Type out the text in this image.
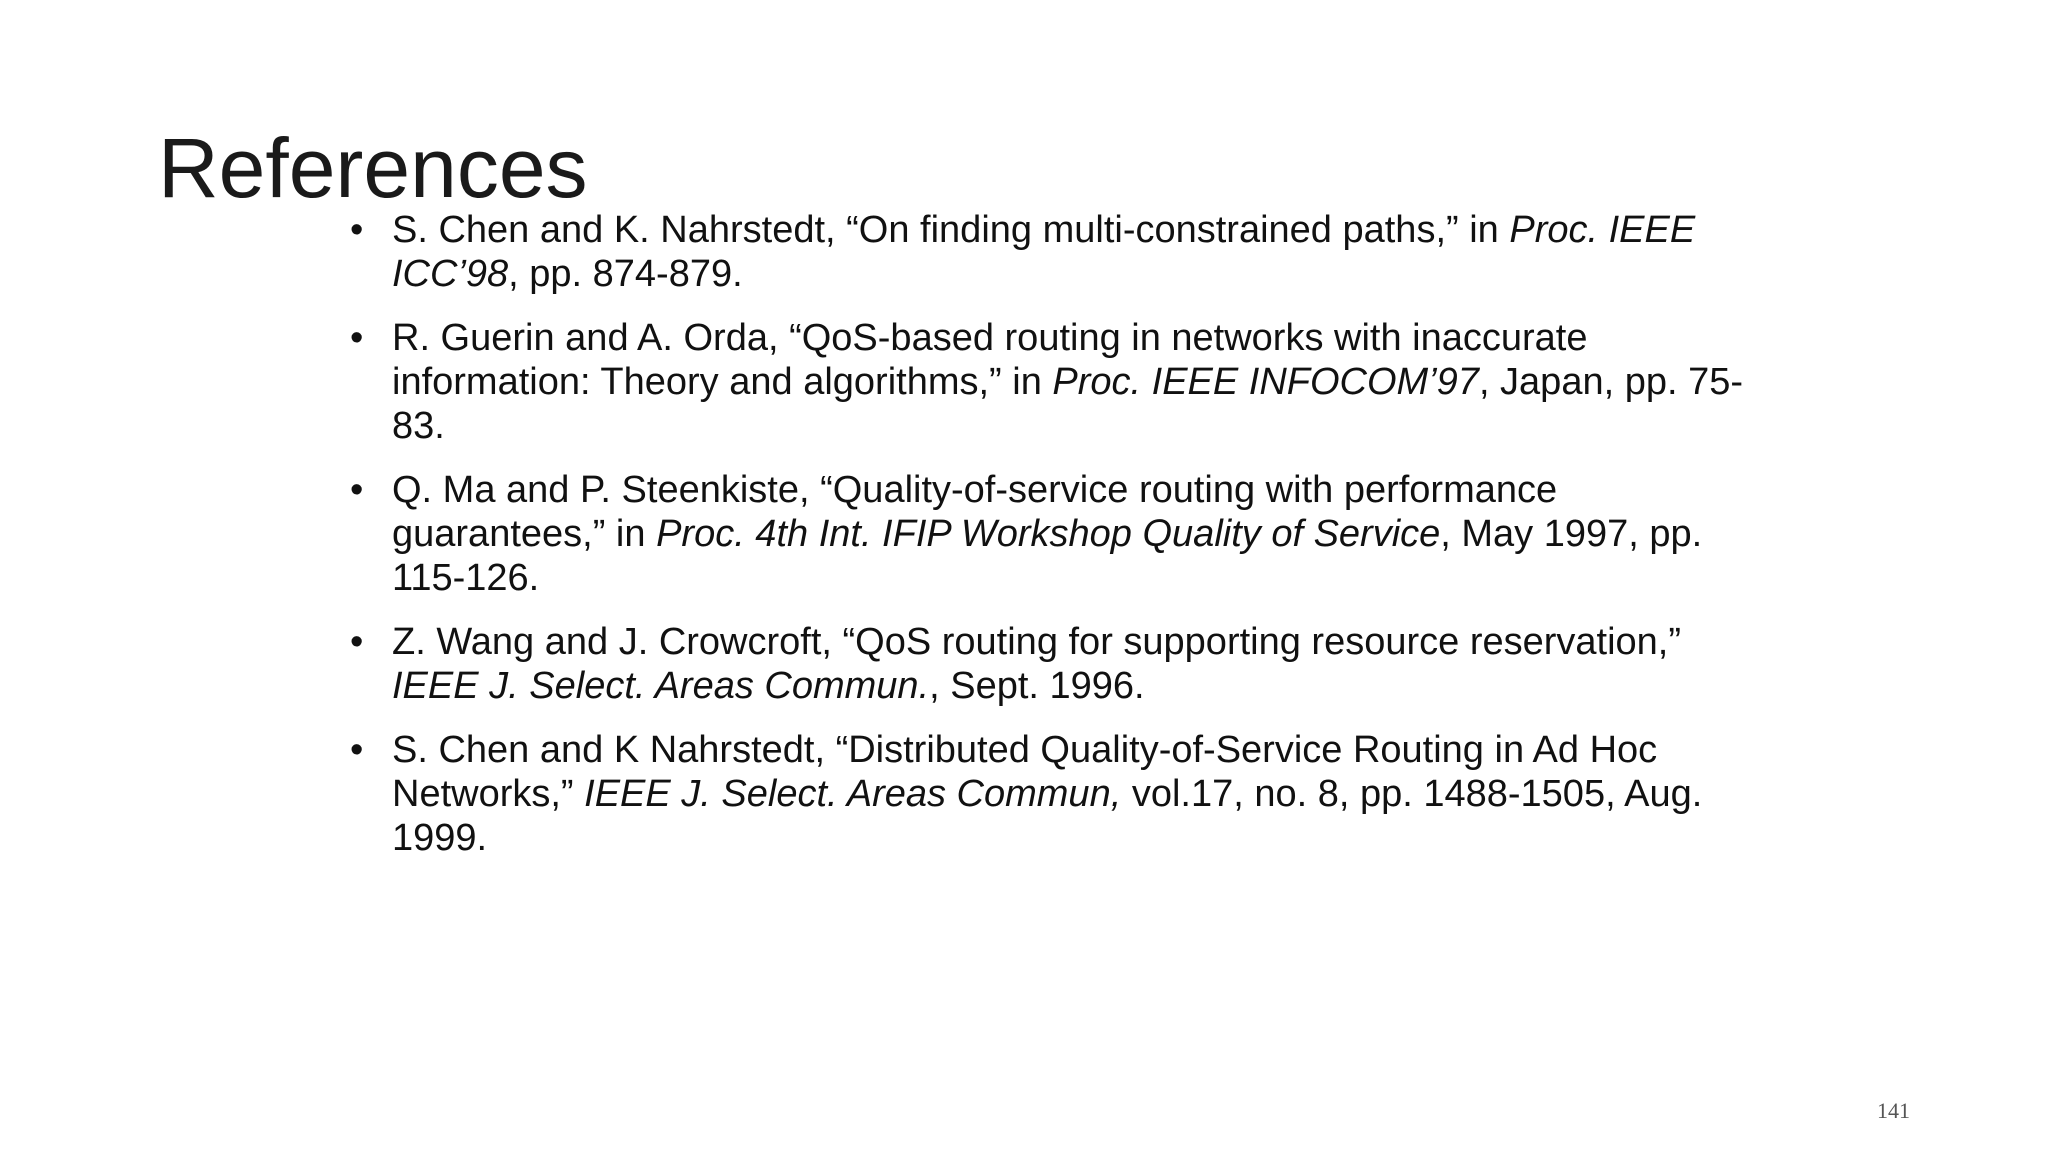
References
• S. Chen and K. Nahrstedt, “On finding multi-constrained paths,” in Proc. IEEE ICC’98, pp. 874-879.
• R. Guerin and A. Orda, “QoS-based routing in networks with inaccurate information: Theory and algorithms,” in Proc. IEEE INFOCOM’97, Japan, pp. 75-83.
• Q. Ma and P. Steenkiste, “Quality-of-service routing with performance guarantees,” in Proc. 4th Int. IFIP Workshop Quality of Service, May 1997, pp. 115-126.
• Z. Wang and J. Crowcroft, “QoS routing for supporting resource reservation,” IEEE J. Select. Areas Commun., Sept. 1996.
• S. Chen and K Nahrstedt, “Distributed Quality-of-Service Routing in Ad Hoc Networks,” IEEE J. Select. Areas Commun, vol.17, no. 8, pp. 1488-1505, Aug. 1999.
141
